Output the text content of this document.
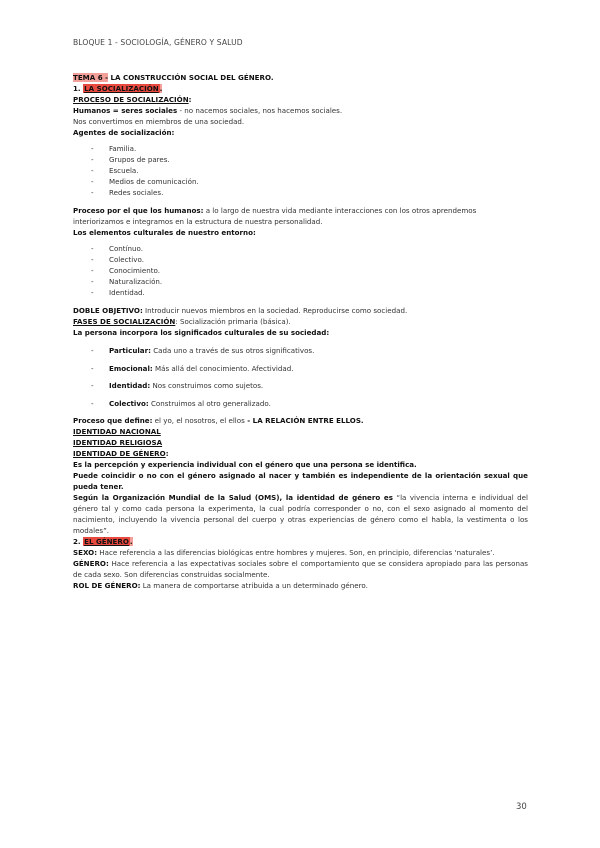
BLOQUE 1 - SOCIOLOGÍA, GÉNERO Y SALUD

TEMA 6 - LA CONSTRUCCIÓN SOCIAL DEL GÉNERO.

1. LA SOCIALIZACIÓN.

PROCESO DE SOCIALIZACIÓN:

Humanos = seres sociales - no nacemos sociales, nos hacemos sociales.

Nos convertimos en miembros de una sociedad.

Agentes de socialización:

- Familia.
- Grupos de pares.
- Escuela.
- Medios de comunicación.
- Redes sociales.

Proceso por el que los humanos: a lo largo de nuestra vida mediante interacciones con los otros aprendemos interiorizamos e integramos en la estructura de nuestra personalidad.

Los elementos culturales de nuestro entorno:

- Contínuo.
- Colectivo.
- Conocimiento.
- Naturalización.
- Identidad.

DOBLE OBJETIVO: Introducir nuevos miembros en la sociedad. Reproducirse como sociedad.

FASES DE SOCIALIZACIÓN: Socialización primaria (básica).

La persona incorpora los significados culturales de su sociedad:

- Particular: Cada uno a través de sus otros significativos.
- Emocional: Más allá del conocimiento. Afectividad.
- Identidad: Nos construimos como sujetos.
- Colectivo: Construimos al otro generalizado.

Proceso que define: el yo, el nosotros, el ellos - LA RELACIÓN ENTRE ELLOS.

IDENTIDAD NACIONAL

IDENTIDAD RELIGIOSA

IDENTIDAD DE GÉNERO:

Es la percepción y experiencia individual con el género que una persona se identifica.

Puede coincidir o no con el género asignado al nacer y también es independiente de la orientación sexual que pueda tener.

Según la Organización Mundial de la Salud (OMS), la identidad de género es “la vivencia interna e individual del género tal y como cada persona la experimenta, la cual podría corresponder o no, con el sexo asignado al momento del nacimiento, incluyendo la vivencia personal del cuerpo y otras experiencias de género como el habla, la vestimenta o los modales”.

2. EL GÉNERO.

SEXO: Hace referencia a las diferencias biológicas entre hombres y mujeres. Son, en principio, diferencias ‘naturales’.

GÉNERO: Hace referencia a las expectativas sociales sobre el comportamiento que se considera apropiado para las personas de cada sexo. Son diferencias construidas socialmente.

ROL DE GÉNERO: La manera de comportarse atribuida a un determinado género.

30
